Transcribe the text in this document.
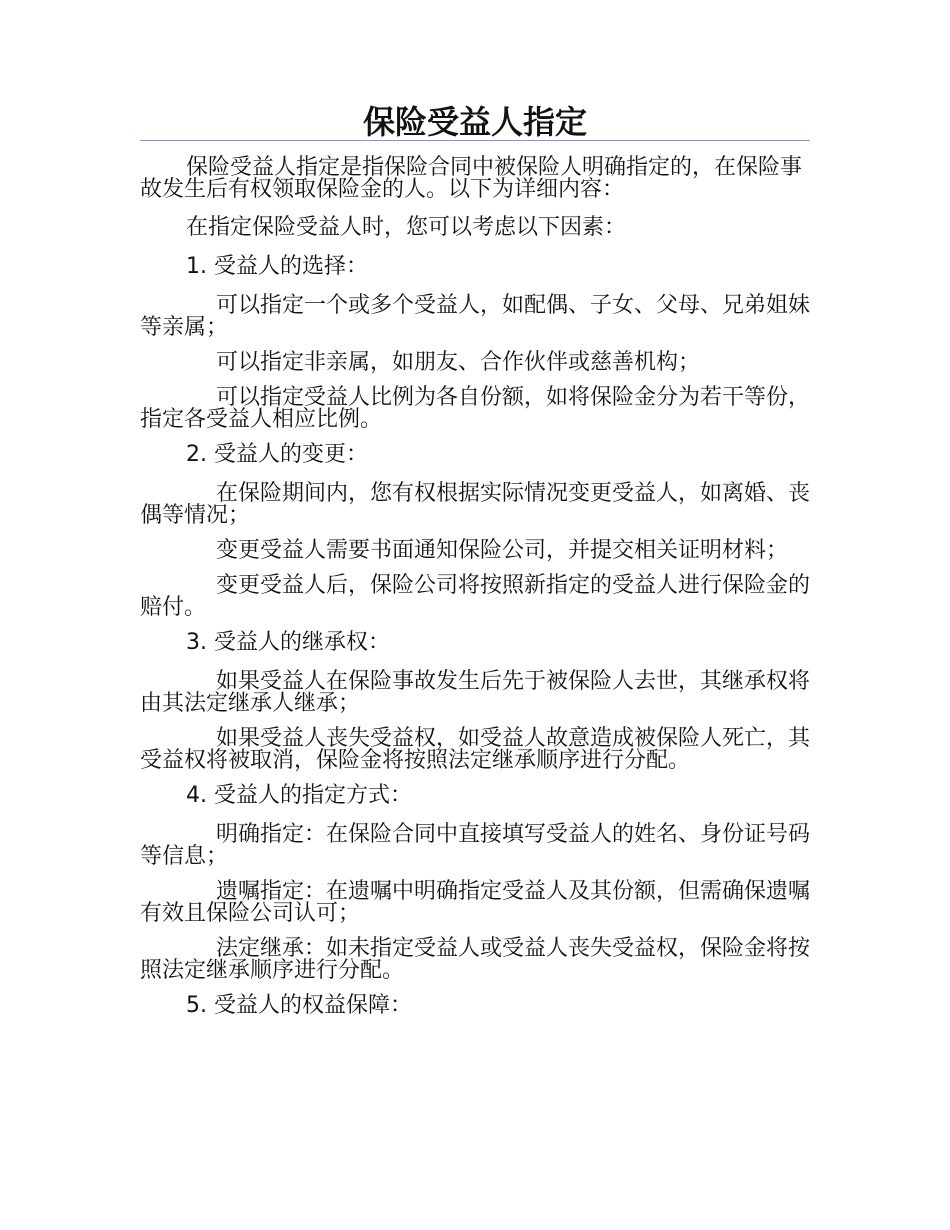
保险受益人指定

保险受益人指定是指保险合同中被保险人明确指定的，在保险事故发生后有权领取保险金的人。以下为详细内容：

在指定保险受益人时，您可以考虑以下因素：

1. 受益人的选择：

可以指定一个或多个受益人，如配偶、子女、父母、兄弟姐妹等亲属；

可以指定非亲属，如朋友、合作伙伴或慈善机构；

可以指定受益人比例为各自份额，如将保险金分为若干等份，指定各受益人相应比例。

2. 受益人的变更：

在保险期间内，您有权根据实际情况变更受益人，如离婚、丧偶等情况；

变更受益人需要书面通知保险公司，并提交相关证明材料；

变更受益人后，保险公司将按照新指定的受益人进行保险金的赔付。

3. 受益人的继承权：

如果受益人在保险事故发生后先于被保险人去世，其继承权将由其法定继承人继承；

如果受益人丧失受益权，如受益人故意造成被保险人死亡，其受益权将被取消，保险金将按照法定继承顺序进行分配。

4. 受益人的指定方式：

明确指定：在保险合同中直接填写受益人的姓名、身份证号码等信息；

遗嘱指定：在遗嘱中明确指定受益人及其份额，但需确保遗嘱有效且保险公司认可；

法定继承：如未指定受益人或受益人丧失受益权，保险金将按照法定继承顺序进行分配。

5. 受益人的权益保障：
